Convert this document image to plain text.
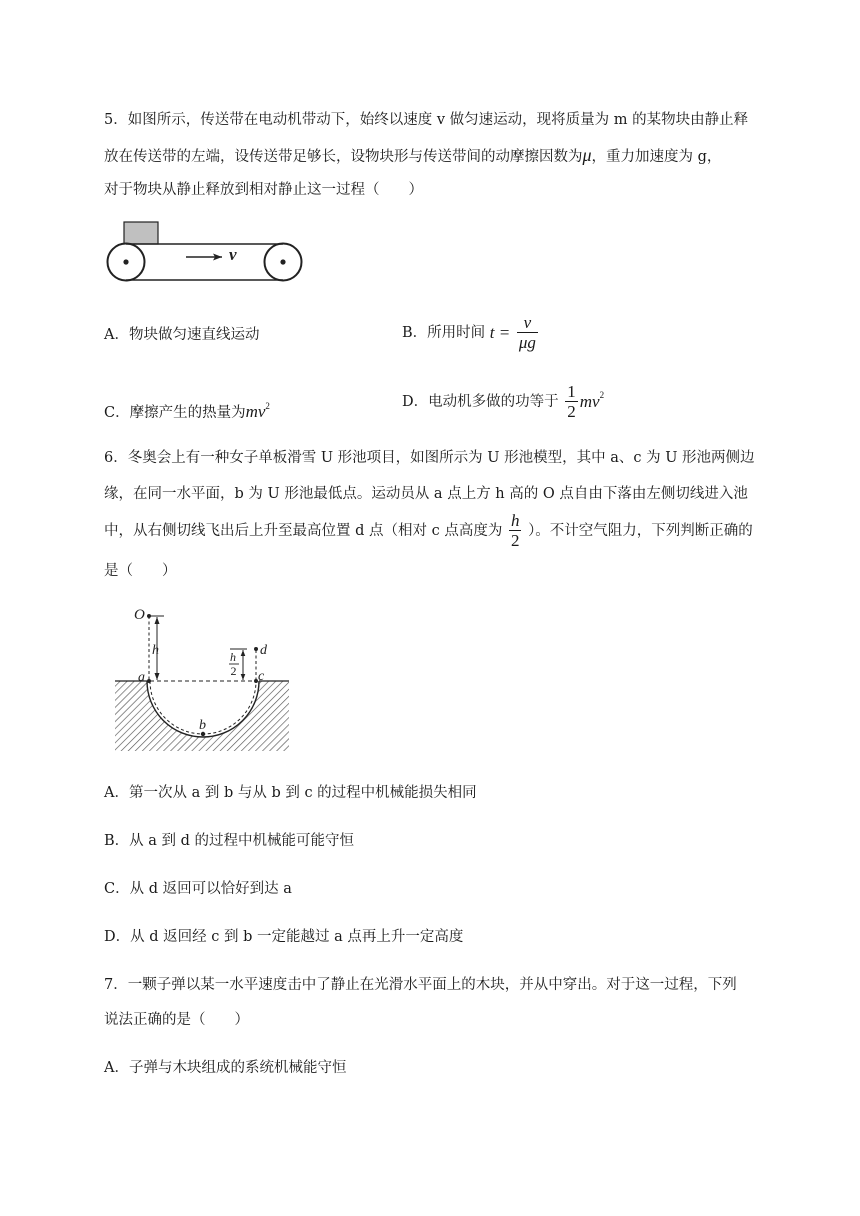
5．如图所示，传送带在电动机带动下，始终以速度 v 做匀速运动，现将质量为 m 的某物块由静止释
放在传送带的左端，设传送带足够长，设物块形与传送带间的动摩擦因数为μ，重力加速度为 g，
对于物块从静止释放到相对静止这一过程（　　）
v
A．物块做匀速直线运动	B．所用时间 $t = \frac{v}{\mu g}$
C．摩擦产生的热量为$mv^2$	D．电动机多做的功等于 $\frac{1}{2} mv^2$
6．冬奥会上有一种女子单板滑雪 U 形池项目，如图所示为 U 形池模型，其中 a、c 为 U 形池两侧边
缘，在同一水平面，b 为 U 形池最低点。运动员从 a 点上方 h 高的 O 点自由下落由左侧切线进入池
中，从右侧切线飞出后上升至最高位置 d 点（相对 c 点高度为 $\frac{h}{2}$ ）。不计空气阻力，下列判断正确的
是（　　）
O
h	h
2
d
a	c
b
A．第一次从 a 到 b 与从 b 到 c 的过程中机械能损失相同
B．从 a 到 d 的过程中机械能可能守恒
C．从 d 返回可以恰好到达 a
D．从 d 返回经 c 到 b 一定能越过 a 点再上升一定高度
7．一颗子弹以某一水平速度击中了静止在光滑水平面上的木块，并从中穿出。对于这一过程，下列
说法正确的是（　　）
A．子弹与木块组成的系统机械能守恒
